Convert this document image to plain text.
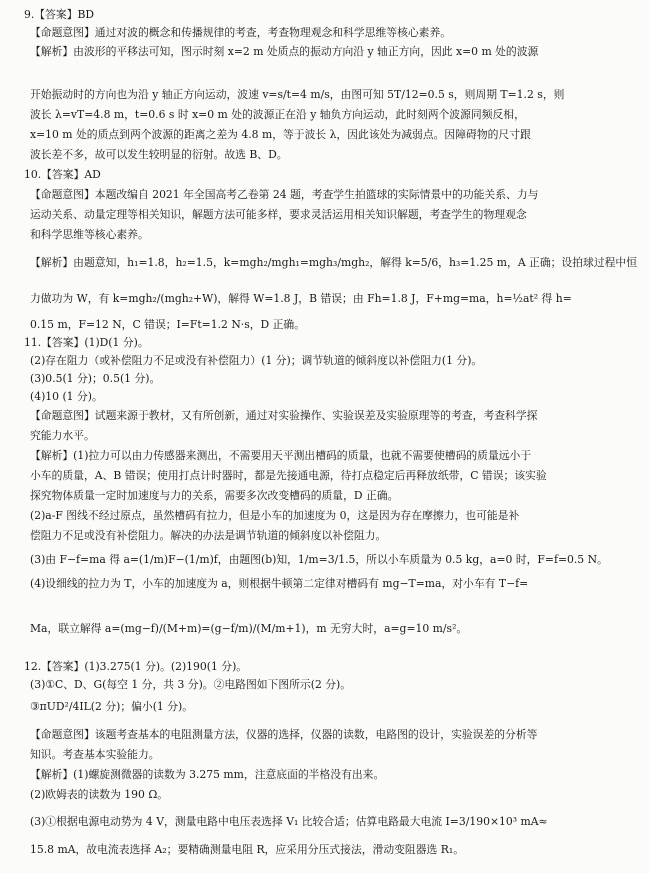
9.【答案】BD
【命题意图】通过对波的概念和传播规律的考查，考查物理观念和科学思维等核心素养。
【解析】由波形的平移法可知，图示时刻 x=2 m 处质点的振动方向沿 y 轴正方向，因此 x=0 m 处的波源
开始振动时的方向也为沿 y 轴正方向运动，波速 v=s/t=4 m/s，由图可知 5T/12=0.5 s，则周期 T=1.2 s，则
波长 λ=vT=4.8 m，t=0.6 s 时 x=0 m 处的波源正在沿 y 轴负方向运动，此时刻两个波源同频反相，
x=10 m 处的质点到两个波源的距离之差为 4.8 m，等于波长 λ，因此该处为减弱点。因障碍物的尺寸跟
波长差不多，故可以发生较明显的衍射。故选 B、D。
10.【答案】AD
【命题意图】本题改编自 2021 年全国高考乙卷第 24 题，考查学生拍篮球的实际情景中的功能关系、力与
运动关系、动量定理等相关知识，解题方法可能多样，要求灵活运用相关知识解题，考查学生的物理观念
和科学思维等核心素养。
【解析】由题意知，h₁=1.8，h₂=1.5，k=mgh₂/mgh₁=mgh₃/mgh₂，解得 k=5/6，h₃=1.25 m，A 正确；设拍球过程中恒
力做功为 W，有 k=mgh₂/(mgh₂+W)，解得 W=1.8 J，B 错误；由 Fh=1.8 J，F+mg=ma，h=½at² 得 h=
0.15 m，F=12 N，C 错误；I=Ft=1.2 N·s，D 正确。
11.【答案】(1)D(1 分)。
(2)存在阻力（或补偿阻力不足或没有补偿阻力）(1 分)；调节轨道的倾斜度以补偿阻力(1 分)。
(3)0.5(1 分)；0.5(1 分)。
(4)10 (1 分)。
【命题意图】试题来源于教材，又有所创新，通过对实验操作、实验误差及实验原理等的考查，考查科学探
究能力水平。
【解析】(1)拉力可以由力传感器来测出，不需要用天平测出槽码的质量，也就不需要使槽码的质量远小于
小车的质量，A、B 错误；使用打点计时器时，都是先接通电源，待打点稳定后再释放纸带，C 错误；该实验
探究物体质量一定时加速度与力的关系，需要多次改变槽码的质量，D 正确。
(2)a-F 图线不经过原点，虽然槽码有拉力，但是小车的加速度为 0，这是因为存在摩擦力，也可能是补
偿阻力不足或没有补偿阻力。解决的办法是调节轨道的倾斜度以补偿阻力。
(3)由 F−f=ma 得 a=(1/m)F−(1/m)f，由题图(b)知，1/m=3/1.5，所以小车质量为 0.5 kg，a=0 时，F=f=0.5 N。
(4)设细线的拉力为 T，小车的加速度为 a，则根据牛顿第二定律对槽码有 mg−T=ma，对小车有 T−f=
Ma，联立解得 a=(mg−f)/(M+m)=(g−f/m)/(M/m+1)，m 无穷大时，a=g=10 m/s²。
12.【答案】(1)3.275(1 分)。(2)190(1 分)。
(3)①C、D、G(每空 1 分，共 3 分)。②电路图如下图所示(2 分)。
③πUD²/4IL(2 分)；偏小(1 分)。
【命题意图】该题考查基本的电阻测量方法，仪器的选择，仪器的读数，电路图的设计，实验误差的分析等
知识。考查基本实验能力。
【解析】(1)螺旋测微器的读数为 3.275 mm，注意底面的半格没有出来。
(2)欧姆表的读数为 190 Ω。
(3)①根据电源电动势为 4 V，测量电路中电压表选择 V₁ 比较合适；估算电路最大电流 I=3/190×10³ mA≈
15.8 mA，故电流表选择 A₂；要精确测量电阻 R，应采用分压式接法，滑动变阻器选 R₁。
